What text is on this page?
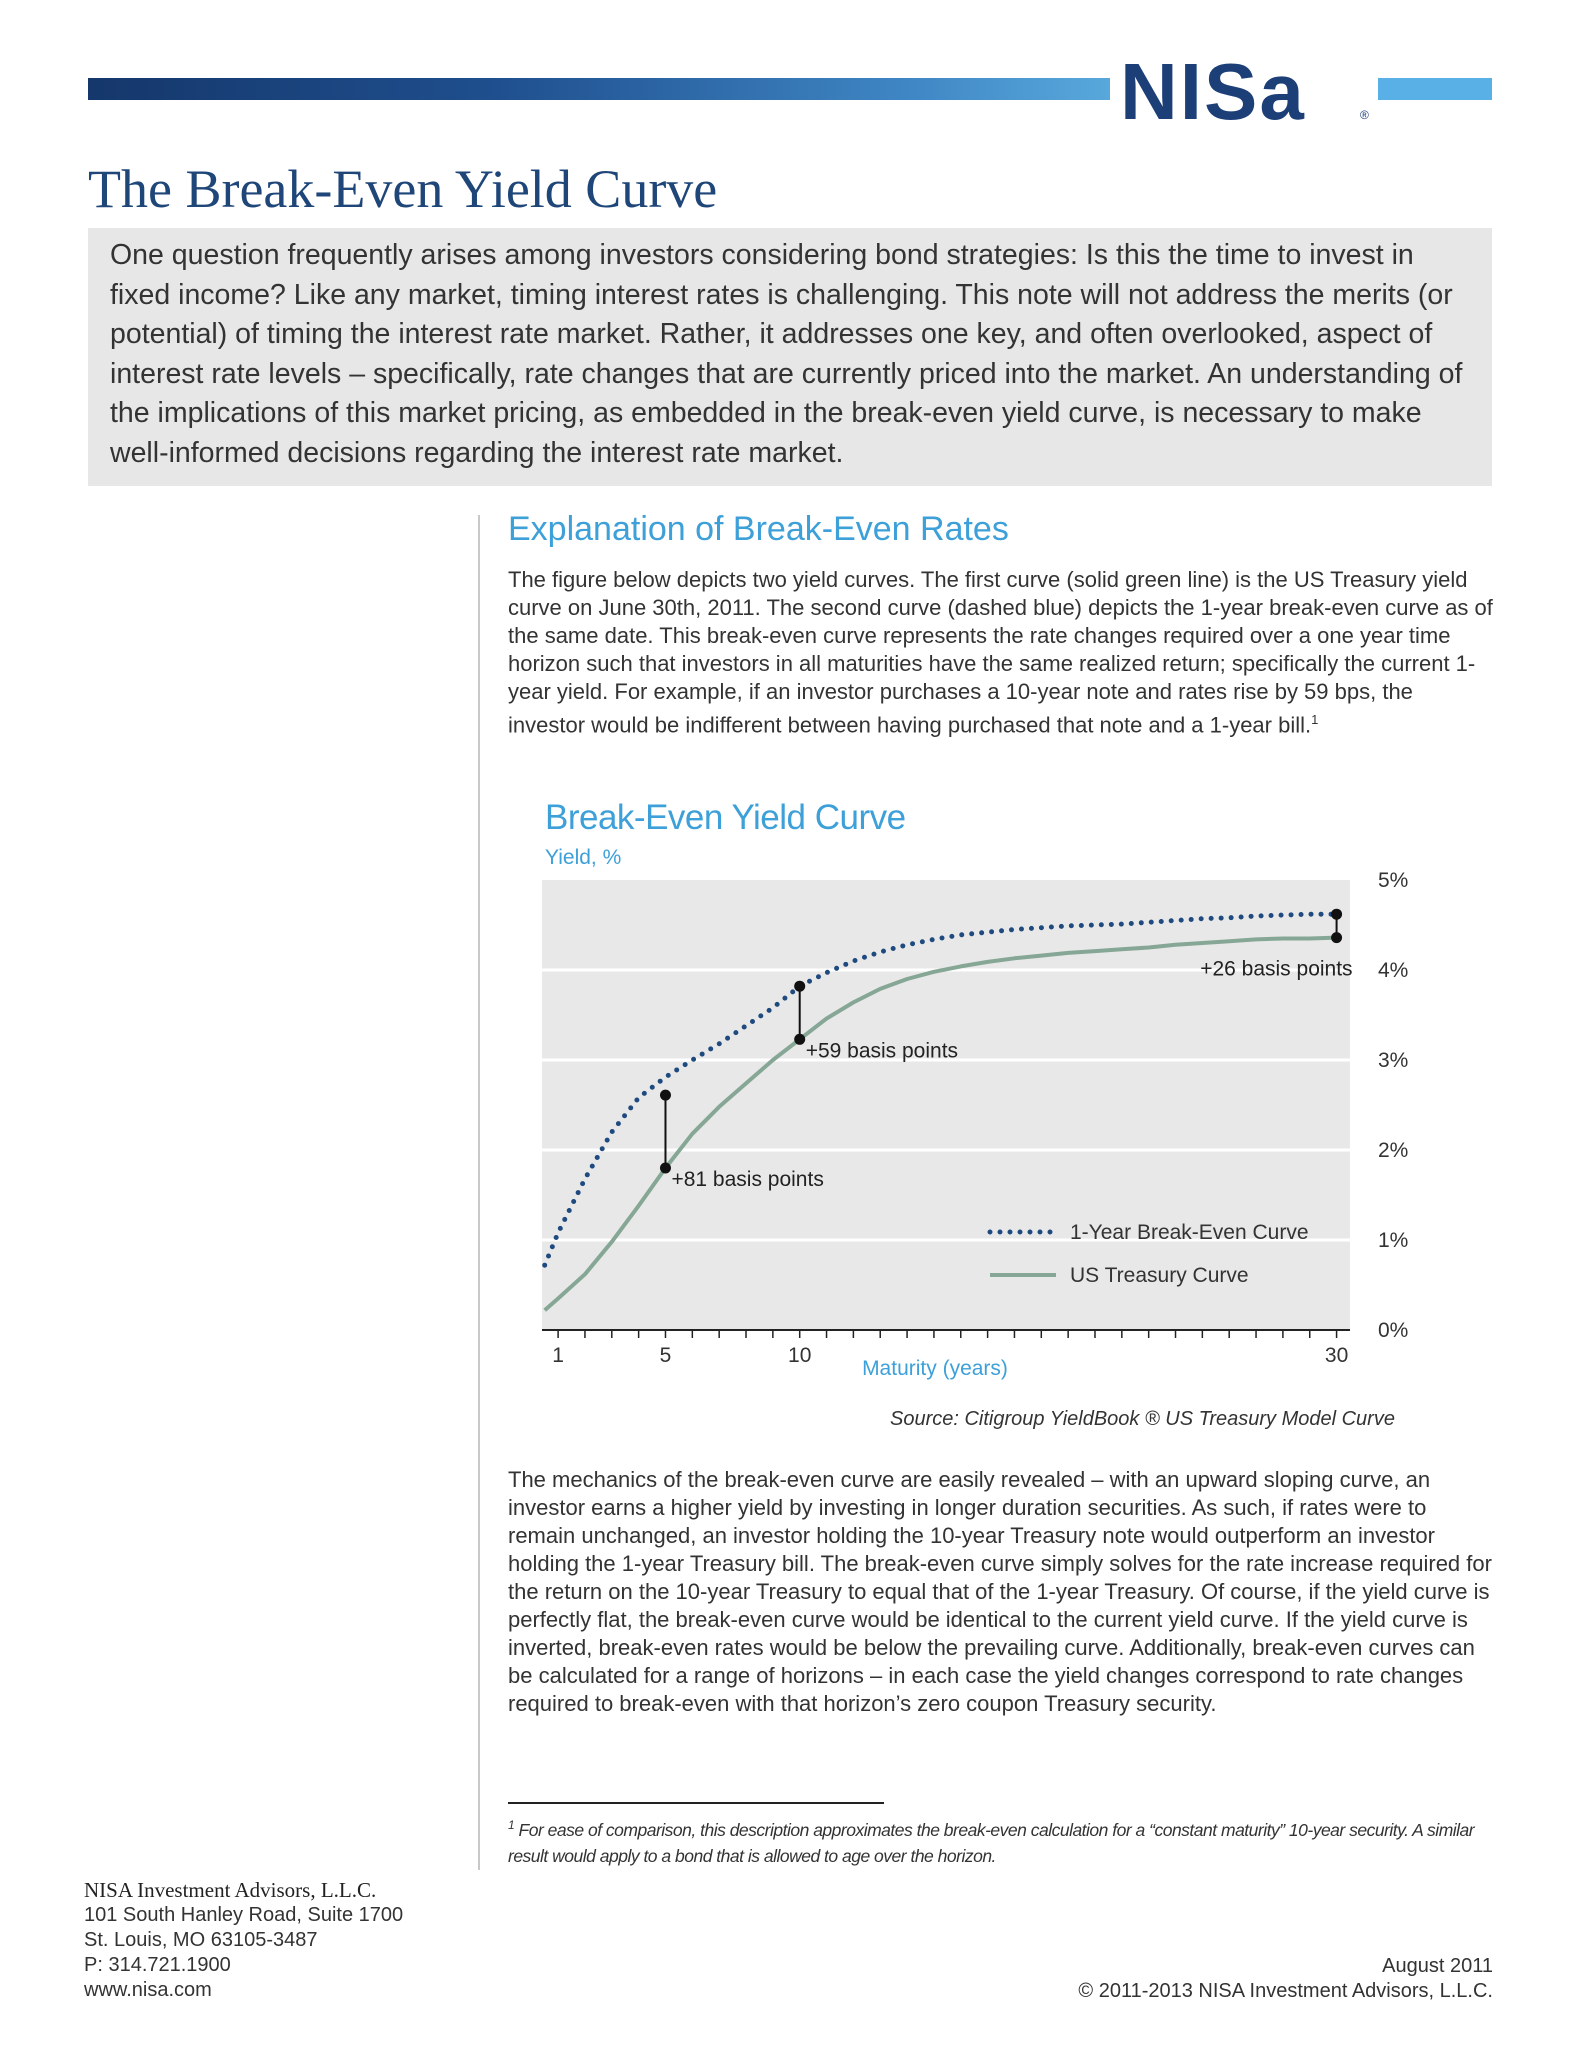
NISa	®
The Break-Even Yield Curve

One question frequently arises among investors considering bond strategies: Is this the time to invest in fixed income? Like any market, timing interest rates is challenging. This note will not address the merits (or potential) of timing the interest rate market. Rather, it addresses one key, and often overlooked, aspect of interest rate levels – specifically, rate changes that are currently priced into the market. An understanding of the implications of this market pricing, as embedded in the break-even yield curve, is necessary to make well-informed decisions regarding the interest rate market.

Explanation of Break-Even Rates

The figure below depicts two yield curves. The first curve (solid green line) is the US Treasury yield curve on June 30th, 2011. The second curve (dashed blue) depicts the 1-year break-even curve as of the same date. This break-even curve represents the rate changes required over a one year time horizon such that investors in all maturities have the same realized return; specifically the current 1-year yield. For example, if an investor purchases a 10-year note and rates rise by 59 bps, the investor would be indifferent between having purchased that note and a 1-year bill.$^1$

Break-Even Yield Curve
Yield, %
0%
1%
2%
3%
4%
5%
1	5	10	30
+81 basis points
+59 basis points
+26 basis points
1-Year Break-Even Curve
US Treasury Curve
Maturity (years)
Source: Citigroup YieldBook ® US Treasury Model Curve

The mechanics of the break-even curve are easily revealed – with an upward sloping curve, an investor earns a higher yield by investing in longer duration securities. As such, if rates were to remain unchanged, an investor holding the 10-year Treasury note would outperform an investor holding the 1-year Treasury bill. The break-even curve simply solves for the rate increase required for the return on the 10-year Treasury to equal that of the 1-year Treasury. Of course, if the yield curve is perfectly flat, the break-even curve would be identical to the current yield curve. If the yield curve is inverted, break-even rates would be below the prevailing curve. Additionally, break-even curves can be calculated for a range of horizons – in each case the yield changes correspond to rate changes required to break-even with that horizon’s zero coupon Treasury security.

$^1$ For ease of comparison, this description approximates the break-even calculation for a “constant maturity” 10-year security. A similar result would apply to a bond that is allowed to age over the horizon.

NISA Investment Advisors, L.L.C.
101 South Hanley Road, Suite 1700
St. Louis, MO 63105-3487
P: 314.721.1900
www.nisa.com
August 2011
© 2011-2013 NISA Investment Advisors, L.L.C.
